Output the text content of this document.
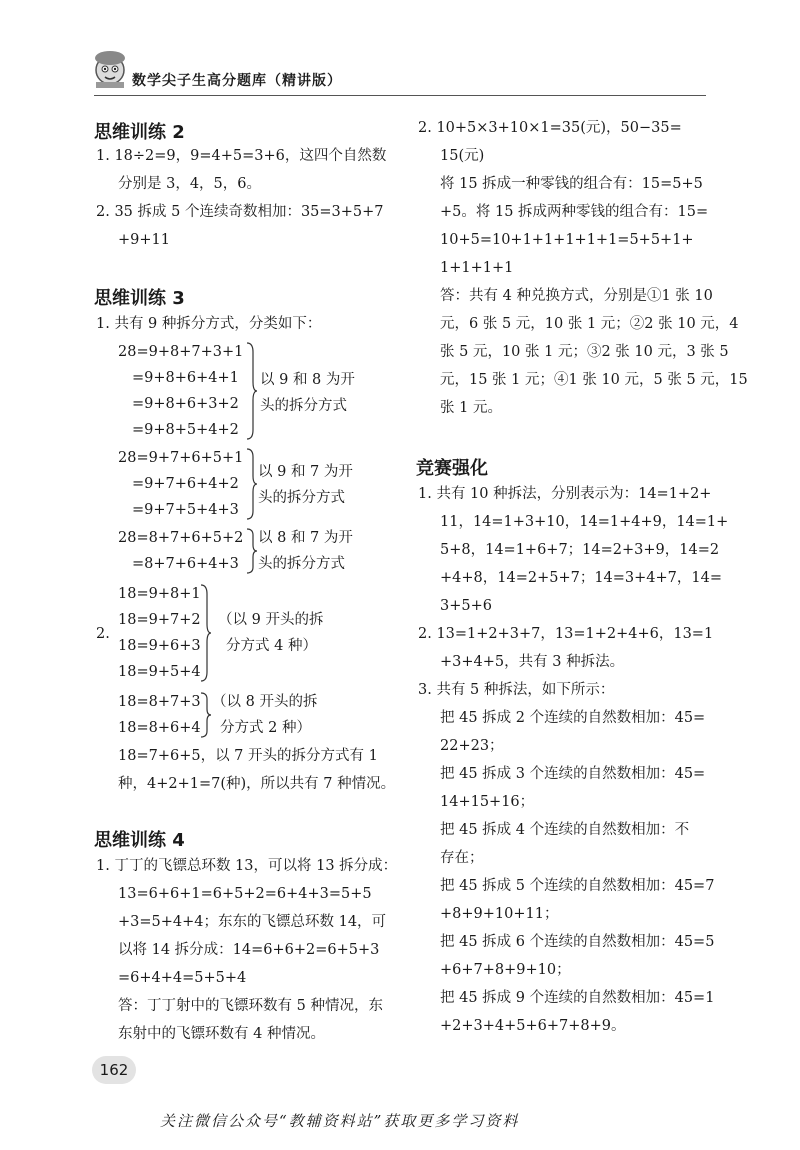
数学尖子生高分题库（精讲版）
思维训练 2
1. 18÷2=9，9=4+5=3+6，这四个自然数
分别是 3，4，5，6。
2. 35 拆成 5 个连续奇数相加：35=3+5+7
+9+11
思维训练 3
1. 共有 9 种拆分方式，分类如下：
28=9+8+7+3+1
=9+8+6+4+1
=9+8+6+3+2
=9+8+5+4+2
以 9 和 8 为开
头的拆分方式
28=9+7+6+5+1
=9+7+6+4+2
=9+7+5+4+3
以 9 和 7 为开
头的拆分方式
28=8+7+6+5+2
=8+7+6+4+3
以 8 和 7 为开
头的拆分方式
2.
18=9+8+1
18=9+7+2
18=9+6+3
18=9+5+4
（以 9 开头的拆
分方式 4 种）
18=8+7+3
18=8+6+4
（以 8 开头的拆
分方式 2 种）
18=7+6+5，以 7 开头的拆分方式有 1
种，4+2+1=7(种)，所以共有 7 种情况。
思维训练 4
1. 丁丁的飞镖总环数 13，可以将 13 拆分成：
13=6+6+1=6+5+2=6+4+3=5+5
+3=5+4+4；东东的飞镖总环数 14，可
以将 14 拆分成：14=6+6+2=6+5+3
=6+4+4=5+5+4
答：丁丁射中的飞镖环数有 5 种情况，东
东射中的飞镖环数有 4 种情况。
2. 10+5×3+10×1=35(元)，50−35=
15(元)
将 15 拆成一种零钱的组合有：15=5+5
+5。将 15 拆成两种零钱的组合有：15=
10+5=10+1+1+1+1+1=5+5+1+
1+1+1+1
答：共有 4 种兑换方式，分别是①1 张 10
元，6 张 5 元，10 张 1 元；②2 张 10 元，4
张 5 元，10 张 1 元；③2 张 10 元，3 张 5
元，15 张 1 元；④1 张 10 元，5 张 5 元，15
张 1 元。
竞赛强化
1. 共有 10 种拆法，分别表示为：14=1+2+
11，14=1+3+10，14=1+4+9，14=1+
5+8，14=1+6+7；14=2+3+9，14=2
+4+8，14=2+5+7；14=3+4+7，14=
3+5+6
2. 13=1+2+3+7，13=1+2+4+6，13=1
+3+4+5，共有 3 种拆法。
3. 共有 5 种拆法，如下所示：
把 45 拆成 2 个连续的自然数相加：45=
22+23；
把 45 拆成 3 个连续的自然数相加：45=
14+15+16；
把 45 拆成 4 个连续的自然数相加：不
存在；
把 45 拆成 5 个连续的自然数相加：45=7
+8+9+10+11；
把 45 拆成 6 个连续的自然数相加：45=5
+6+7+8+9+10；
把 45 拆成 9 个连续的自然数相加：45=1
+2+3+4+5+6+7+8+9。
162
关注微信公众号“教辅资料站”获取更多学习资料
